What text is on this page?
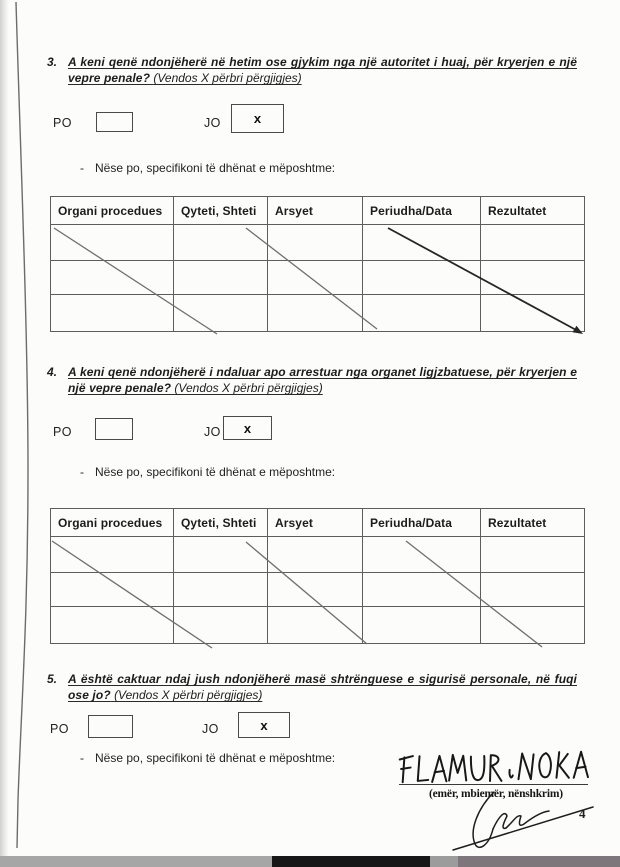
3. A keni qenë ndonjëherë në hetim ose gjykim nga një autoritet i huaj, për kryerjen e një vepre penale? (Vendos X përbri përgjigjes)
PO	JO	x
- Nëse po, specifikoni të dhënat e mëposhtme:
Organi procedues	Qyteti, Shteti	Arsyet	Periudha/Data	Rezultatet

4. A keni qenë ndonjëherë i ndaluar apo arrestuar nga organet ligjzbatuese, për kryerjen e një vepre penale? (Vendos X përbri përgjigjes)
PO	JO	x
- Nëse po, specifikoni të dhënat e mëposhtme:
Organi procedues	Qyteti, Shteti	Arsyet	Periudha/Data	Rezultatet

5. A është caktuar ndaj jush ndonjëherë masë shtrënguese e sigurisë personale, në fuqi ose jo? (Vendos X përbri përgjigjes)
PO	JO	x
- Nëse po, specifikoni të dhënat e mëposhtme:
(emër, mbiemër, nënshkrim)
4
